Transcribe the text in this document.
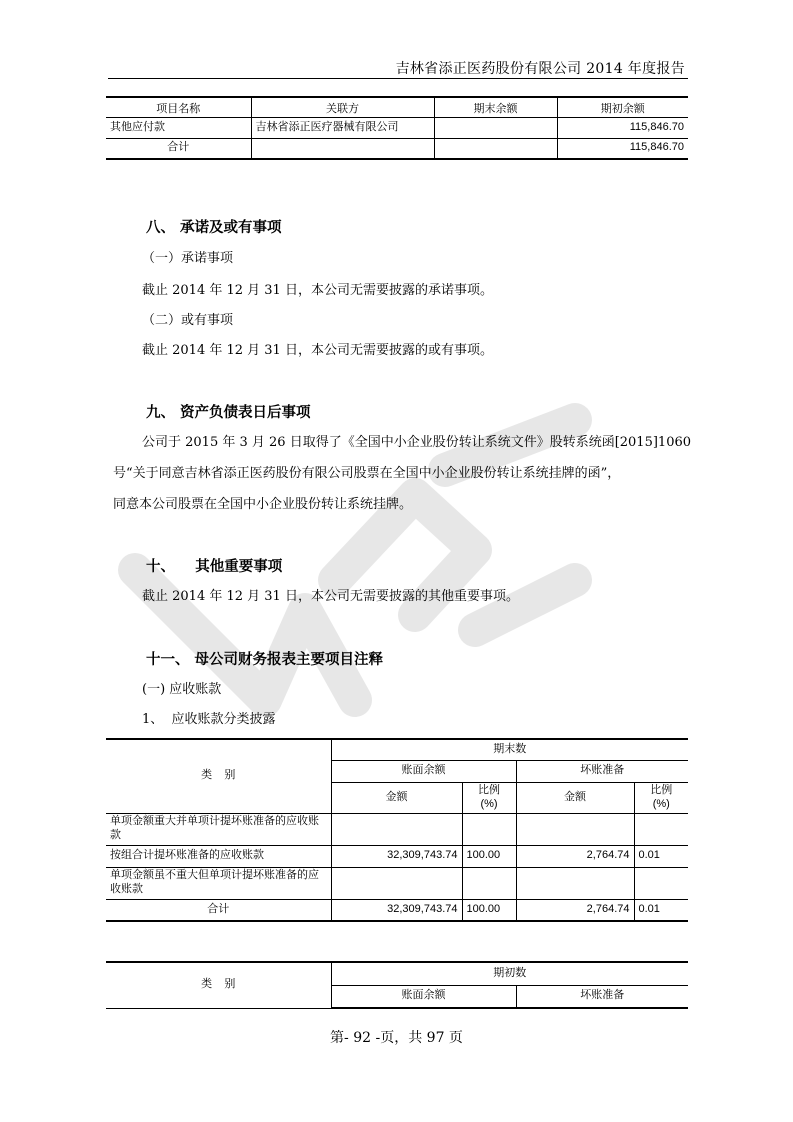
吉林省添正医药股份有限公司 2014 年度报告
项目名称	关联方	期末余额	期初余额
其他应付款	吉林省添正医疗器械有限公司		115,846.70
合计			115,846.70
八、 承诺及或有事项
（一）承诺事项
截止 2014 年 12 月 31 日，本公司无需要披露的承诺事项。
（二）或有事项
截止 2014 年 12 月 31 日，本公司无需要披露的或有事项。
九、 资产负债表日后事项
公司于 2015 年 3 月 26 日取得了《全国中小企业股份转让系统文件》股转系统函[2015]1060
号“关于同意吉林省添正医药股份有限公司股票在全国中小企业股份转让系统挂牌的函”，
同意本公司股票在全国中小企业股份转让系统挂牌。
十、    其他重要事项
截止 2014 年 12 月 31 日，本公司无需要披露的其他重要事项。
十一、 母公司财务报表主要项目注释
(一) 应收账款
1、  应收账款分类披露
类    别	期末数			
	账面余额		坏账准备	
	金额	比例(%)	金额	比例(%)
单项金额重大并单项计提坏账准备的应收账款				
按组合计提坏账准备的应收账款	32,309,743.74	100.00	2,764.74	0.01
单项金额虽不重大但单项计提坏账准备的应收账款				
合计	32,309,743.74	100.00	2,764.74	0.01
类    别	期初数	
	账面余额	坏账准备
第- 92 -页，共 97 页
